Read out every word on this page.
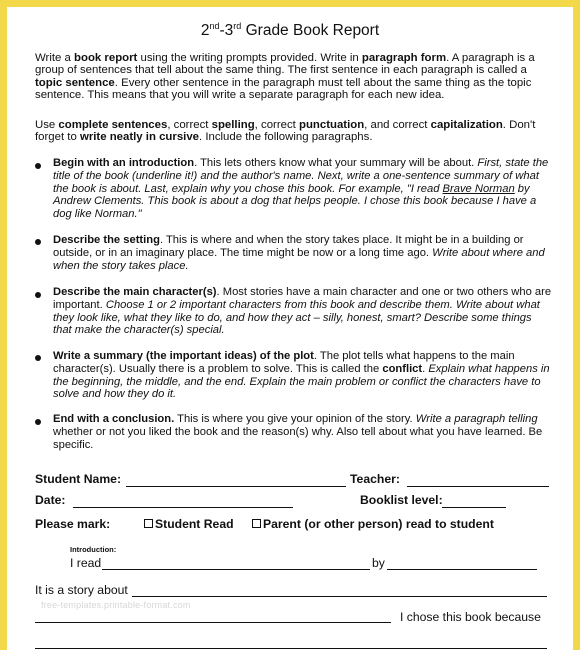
2nd-3rd Grade Book Report
Write a book report using the writing prompts provided. Write in paragraph form. A paragraph is a group of sentences that tell about the same thing. The first sentence in each paragraph is called a topic sentence. Every other sentence in the paragraph must tell about the same thing as the topic sentence. This means that you will write a separate paragraph for each new idea.
Use complete sentences, correct spelling, correct punctuation, and correct capitalization. Don't forget to write neatly in cursive. Include the following paragraphs.
Begin with an introduction. This lets others know what your summary will be about. First, state the title of the book (underline it!) and the author's name. Next, write a one-sentence summary of what the book is about. Last, explain why you chose this book. For example, "I read Brave Norman by Andrew Clements. This book is about a dog that helps people. I chose this book because I have a dog like Norman."
Describe the setting. This is where and when the story takes place. It might be in a building or outside, or in an imaginary place. The time might be now or a long time ago. Write about where and when the story takes place.
Describe the main character(s). Most stories have a main character and one or two others who are important. Choose 1 or 2 important characters from this book and describe them. Write about what they look like, what they like to do, and how they act – silly, honest, smart? Describe some things that make the character(s) special.
Write a summary (the important ideas) of the plot. The plot tells what happens to the main character(s). Usually there is a problem to solve. This is called the conflict. Explain what happens in the beginning, the middle, and the end. Explain the main problem or conflict the characters have to solve and how they do it.
End with a conclusion. This is where you give your opinion of the story. Write a paragraph telling whether or not you liked the book and the reason(s) why. Also tell about what you have learned. Be specific.
Student Name:	Teacher:
Date:	Booklist level:
Please mark:	Student Read	Parent (or other person) read to student
Introduction:
I read	by
It is a story about
free-templates.printable-format.com
I chose this book because
